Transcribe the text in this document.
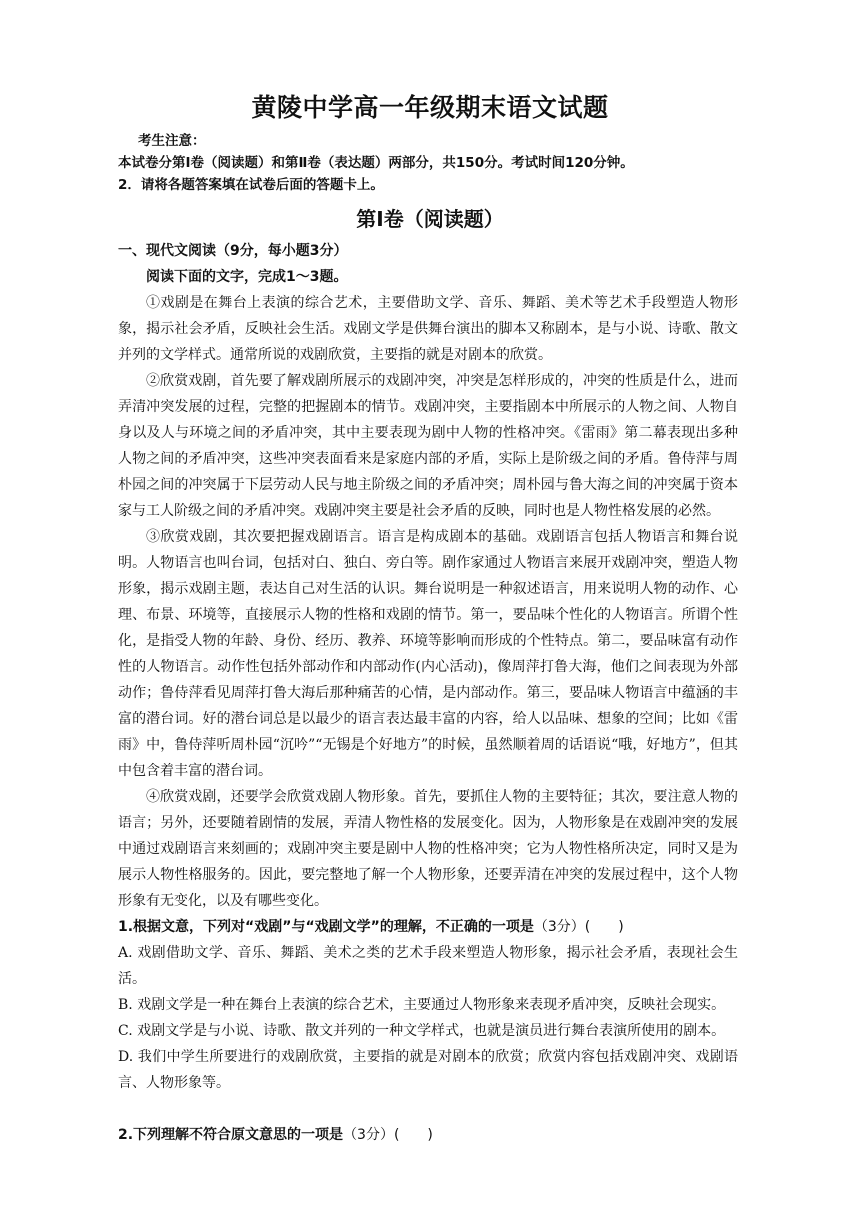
黄陵中学高一年级期末语文试题
考生注意：
本试卷分第Ⅰ卷（阅读题）和第Ⅱ卷（表达题）两部分，共150分。考试时间120分钟。
2．请将各题答案填在试卷后面的答题卡上。
第Ⅰ卷（阅读题）
一、现代文阅读（9分，每小题3分）
阅读下面的文字，完成1～3题。

①戏剧是在舞台上表演的综合艺术，主要借助文学、音乐、舞蹈、美术等艺术手段塑造人物形象，揭示社会矛盾，反映社会生活。戏剧文学是供舞台演出的脚本又称剧本，是与小说、诗歌、散文并列的文学样式。通常所说的戏剧欣赏，主要指的就是对剧本的欣赏。

②欣赏戏剧，首先要了解戏剧所展示的戏剧冲突，冲突是怎样形成的，冲突的性质是什么，进而弄清冲突发展的过程，完整的把握剧本的情节。戏剧冲突，主要指剧本中所展示的人物之间、人物自身以及人与环境之间的矛盾冲突，其中主要表现为剧中人物的性格冲突。《雷雨》第二幕表现出多种人物之间的矛盾冲突，这些冲突表面看来是家庭内部的矛盾，实际上是阶级之间的矛盾。鲁侍萍与周朴园之间的冲突属于下层劳动人民与地主阶级之间的矛盾冲突；周朴园与鲁大海之间的冲突属于资本家与工人阶级之间的矛盾冲突。戏剧冲突主要是社会矛盾的反映，同时也是人物性格发展的必然。

③欣赏戏剧，其次要把握戏剧语言。语言是构成剧本的基础。戏剧语言包括人物语言和舞台说明。人物语言也叫台词，包括对白、独白、旁白等。剧作家通过人物语言来展开戏剧冲突，塑造人物形象，揭示戏剧主题，表达自己对生活的认识。舞台说明是一种叙述语言，用来说明人物的动作、心理、布景、环境等，直接展示人物的性格和戏剧的情节。第一，要品味个性化的人物语言。所谓个性化，是指受人物的年龄、身份、经历、教养、环境等影响而形成的个性特点。第二，要品味富有动作性的人物语言。动作性包括外部动作和内部动作(内心活动)，像周萍打鲁大海，他们之间表现为外部动作；鲁侍萍看见周萍打鲁大海后那种痛苦的心情，是内部动作。第三，要品味人物语言中蕴涵的丰富的潜台词。好的潜台词总是以最少的语言表达最丰富的内容，给人以品味、想象的空间；比如《雷雨》中，鲁侍萍听周朴园“沉吟”“无锡是个好地方”的时候，虽然顺着周的话语说“哦，好地方”，但其中包含着丰富的潜台词。

④欣赏戏剧，还要学会欣赏戏剧人物形象。首先，要抓住人物的主要特征；其次，要注意人物的语言；另外，还要随着剧情的发展，弄清人物性格的发展变化。因为，人物形象是在戏剧冲突的发展中通过戏剧语言来刻画的；戏剧冲突主要是剧中人物的性格冲突；它为人物性格所决定，同时又是为展示人物性格服务的。因此，要完整地了解一个人物形象，还要弄清在冲突的发展过程中，这个人物形象有无变化，以及有哪些变化。

1.根据文意，下列对“戏剧”与“戏剧文学”的理解，不正确的一项是（3分）(　　)

A. 戏剧借助文学、音乐、舞蹈、美术之类的艺术手段来塑造人物形象，揭示社会矛盾，表现社会生活。

B. 戏剧文学是一种在舞台上表演的综合艺术，主要通过人物形象来表现矛盾冲突，反映社会现实。

C. 戏剧文学是与小说、诗歌、散文并列的一种文学样式，也就是演员进行舞台表演所使用的剧本。

D. 我们中学生所要进行的戏剧欣赏，主要指的就是对剧本的欣赏；欣赏内容包括戏剧冲突、戏剧语言、人物形象等。

2.下列理解不符合原文意思的一项是（3分）(　　)
